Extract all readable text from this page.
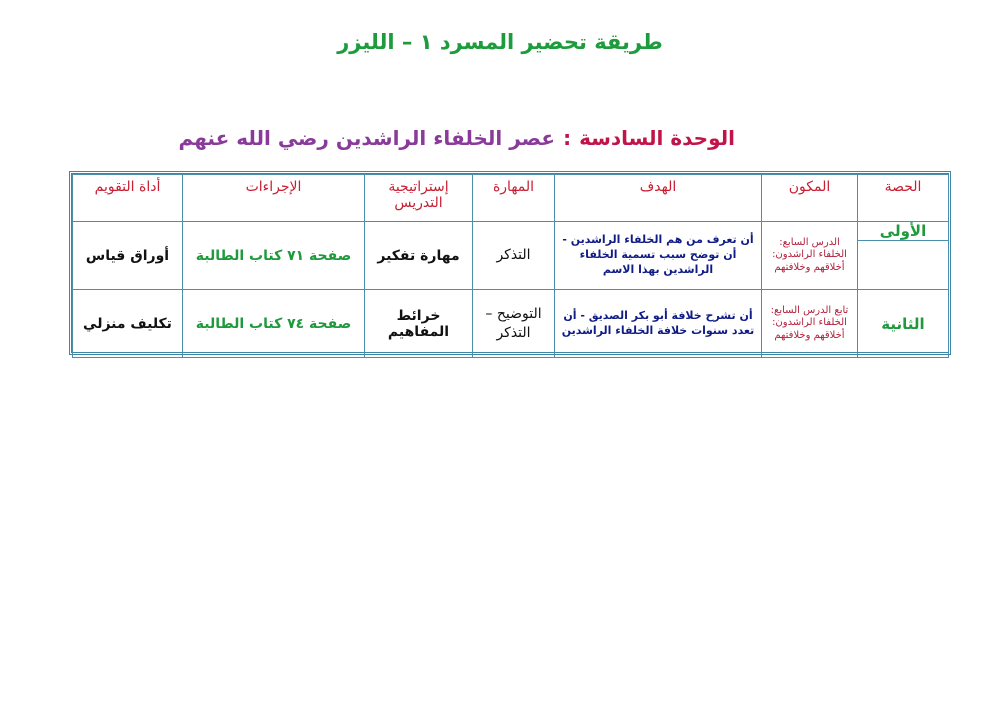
طريقة تحضير المسرد ١ – الليزر
الوحدة السادسة:عصر الخلفاء الراشدين رضي الله عنهم
الحصة	المكون	الهدف	المهارة	إستراتيجية التدريس	الإجراءات	أداة التقويم

الأولى	الدرس السابع: الخلفاء الراشدون: أخلاقهم وخلافتهم	أن تعرف من هم الخلفاء الراشدين - أن توضح سبب تسمية الخلفاء الراشدين بهذا الاسم	التذكر	مهارة تفكير	صفحة ٧١ كتاب الطالبة	أوراق قياس
الثانية	تابع الدرس السابع: الخلفاء الراشدون: أخلاقهم وخلافتهم	أن تشرح خلافة أبو بكر الصديق - أن تعدد سنوات خلافة الخلفاء الراشدين	التوضيح – التذكر	خرائط المفاهيم	صفحة ٧٤ كتاب الطالبة	تكليف منزلي
